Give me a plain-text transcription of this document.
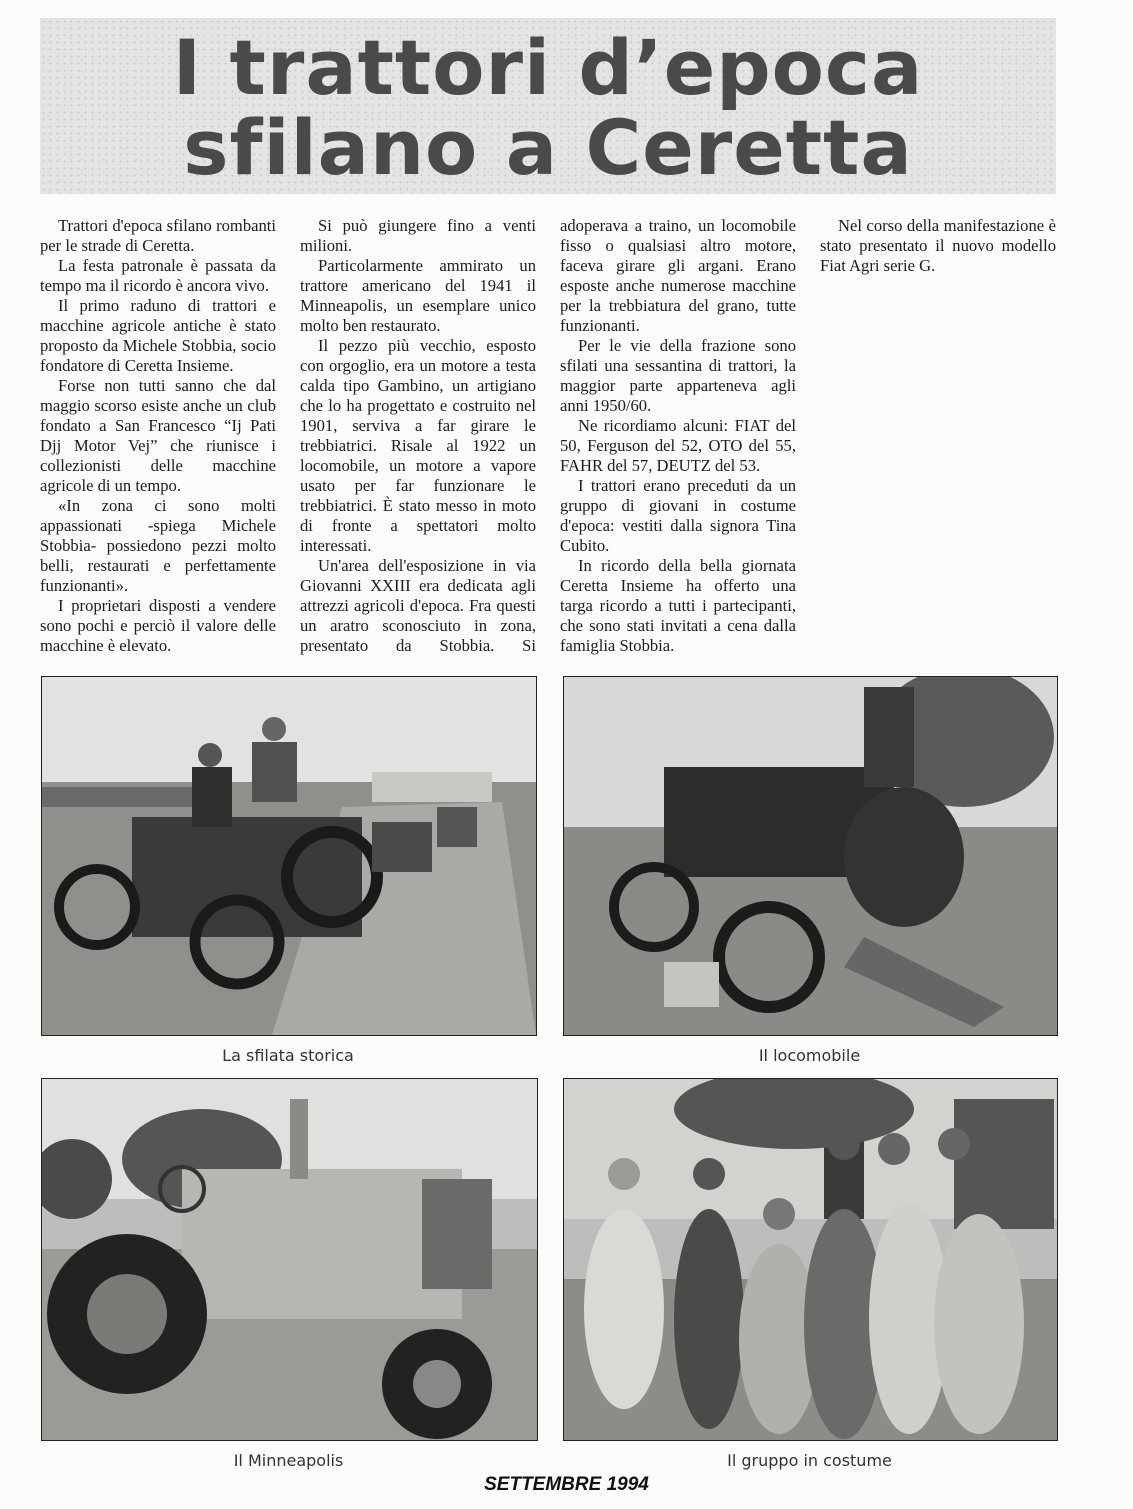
I trattori d’epoca
sfilano a Ceretta

Trattori d'epoca sfilano rombanti per le strade di Ceretta.

La festa patronale è passata da tempo ma il ricordo è ancora vivo.

Il primo raduno di trattori e macchine agricole antiche è stato proposto da Michele Stobbia, socio fondatore di Ceretta Insieme.

Forse non tutti sanno che dal maggio scorso esiste anche un club fondato a San Francesco “Ij Pati Djj Motor Vej” che riunisce i collezionisti delle macchine agricole di un tempo.

«In zona ci sono molti appassionati -spiega Michele Stobbia- possiedono pezzi molto belli, restaurati e perfettamente funzionanti».

I proprietari disposti a vendere sono pochi e perciò il valore delle macchine è elevato.

Si può giungere fino a venti milioni.

Particolarmente ammirato un trattore americano del 1941 il Minneapolis, un esemplare unico molto ben restaurato.

Il pezzo più vecchio, esposto con orgoglio, era un motore a testa calda tipo Gambino, un artigiano che lo ha progettato e costruito nel 1901, serviva a far girare le trebbiatrici. Risale al 1922 un locomobile, un motore a vapore usato per far funzionare le trebbiatrici. È stato messo in moto di fronte a spettatori molto interessati.

Un'area dell'esposizione in via Giovanni XXIII era dedicata agli attrezzi agricoli d'epoca. Fra questi un aratro sconosciuto in zona, presentato da Stobbia. Si adoperava a traino, un locomobile fisso o qualsiasi altro motore, faceva girare gli argani. Erano esposte anche numerose macchine per la trebbiatura del grano, tutte funzionanti.

Per le vie della frazione sono sfilati una sessantina di trattori, la maggior parte apparteneva agli anni 1950/60.

Ne ricordiamo alcuni: FIAT del 50, Ferguson del 52, OTO del 55, FAHR del 57, DEUTZ del 53.

I trattori erano preceduti da un gruppo di giovani in costume d'epoca: vestiti dalla signora Tina Cubito.

In ricordo della bella giornata Ceretta Insieme ha offerto una targa ricordo a tutti i partecipanti, che sono stati invitati a cena dalla famiglia Stobbia.

Nel corso della manifestazione è stato presentato il nuovo modello Fiat Agri serie G.

La sfilata storica	Il locomobile
Il Minneapolis	Il gruppo in costume
SETTEMBRE 1994
